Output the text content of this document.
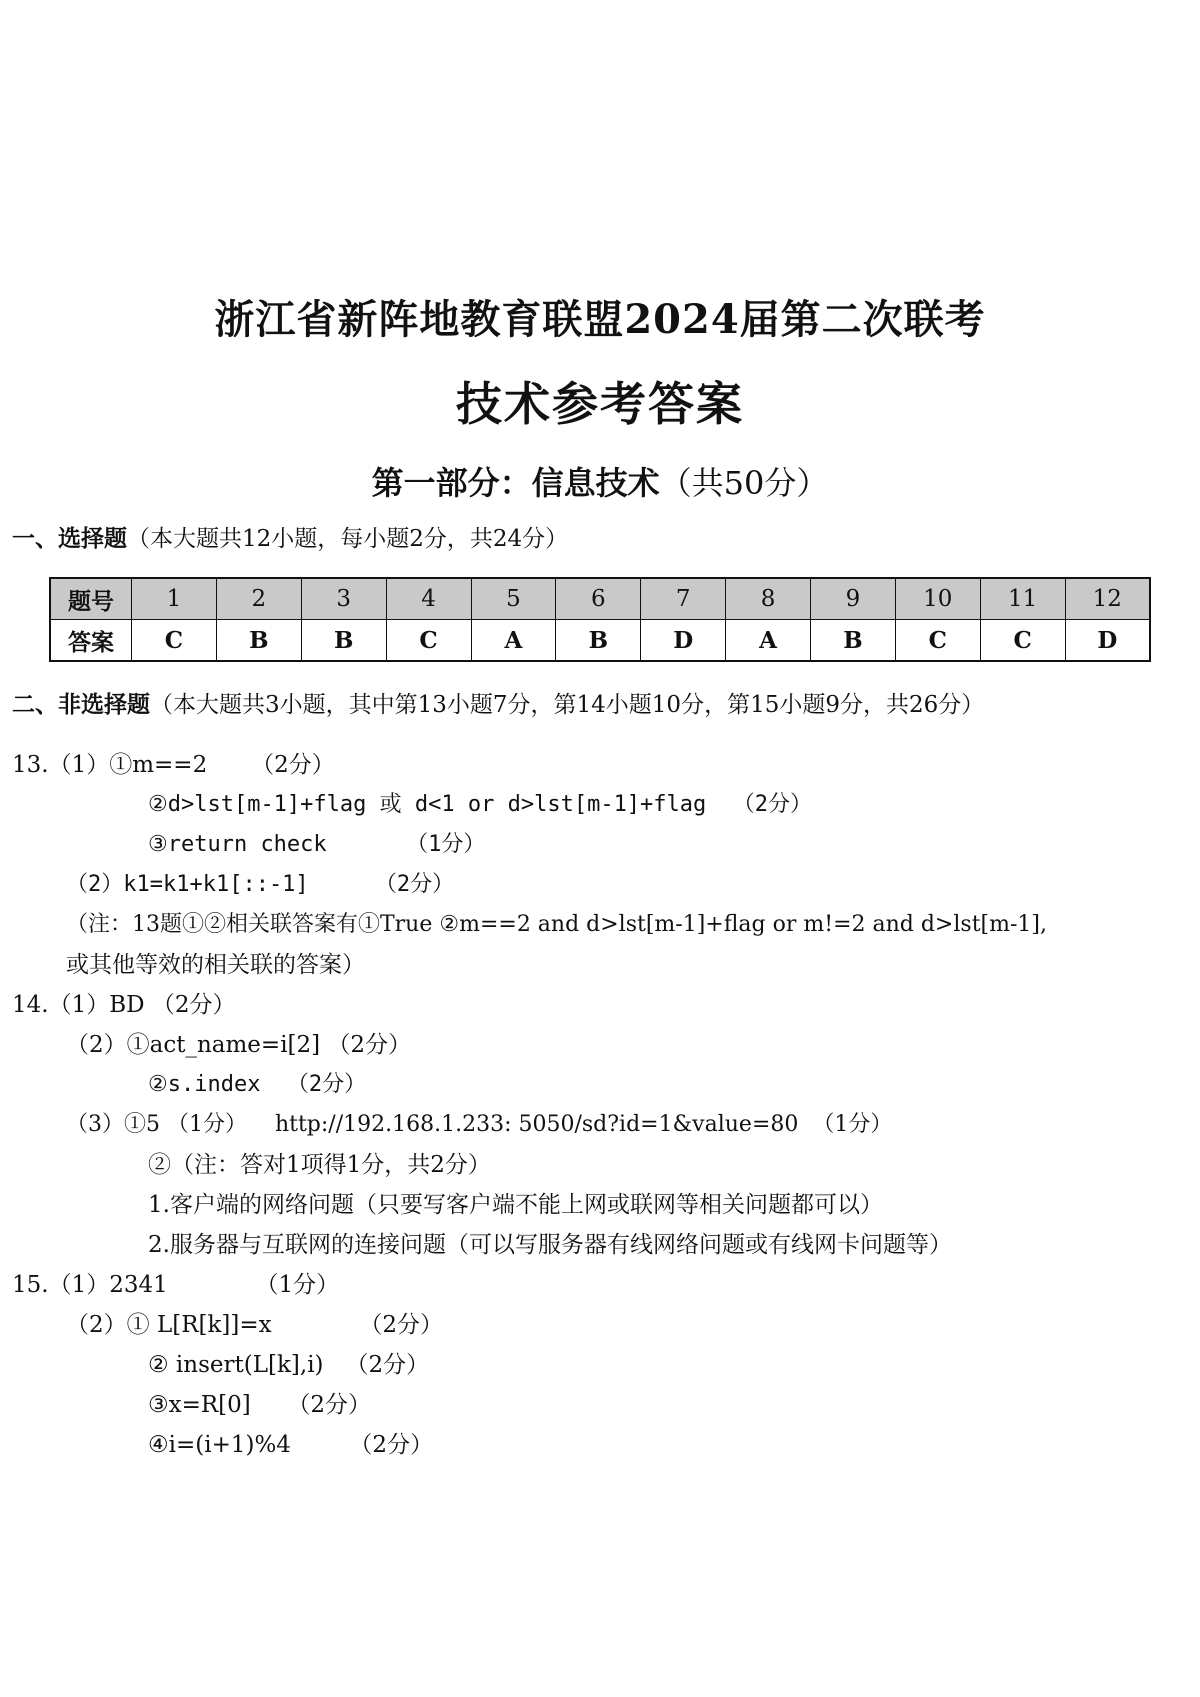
浙江省新阵地教育联盟2024届第二次联考
技术参考答案
第一部分：信息技术（共50分）
一、选择题（本大题共12小题，每小题2分，共24分）
题号	1	2	3	4	5	6	7	8	9	10	11	12
答案	C	B	B	C	A	B	D	A	B	C	C	D
二、非选择题（本大题共3小题，其中第13小题7分，第14小题10分，第15小题9分，共26分）
13.（1）①m==2      （2分）
②d>lst[m-1]+flag 或 d<1 or d>lst[m-1]+flag  （2分）
③return check      （1分）
（2）k1=k1+k1[::-1]     （2分）
（注：13题①②相关联答案有①True ②m==2 and d>lst[m-1]+flag or m!=2 and d>lst[m-1],
或其他等效的相关联的答案）
14.（1）BD （2分）
（2）①act_name=i[2] （2分）
②s.index  （2分）
（3）①5 （1分）    http://192.168.1.233: 5050/sd?id=1&value=80  （1分）
②（注：答对1项得1分，共2分）
1.客户端的网络问题（只要写客户端不能上网或联网等相关问题都可以）
2.服务器与互联网的连接问题（可以写服务器有线网络问题或有线网卡问题等）
15.（1）2341            （1分）
（2）① L[R[k]]=x            （2分）
② insert(L[k],i)   （2分）
③x=R[0]     （2分）
④i=(i+1)%4        （2分）
